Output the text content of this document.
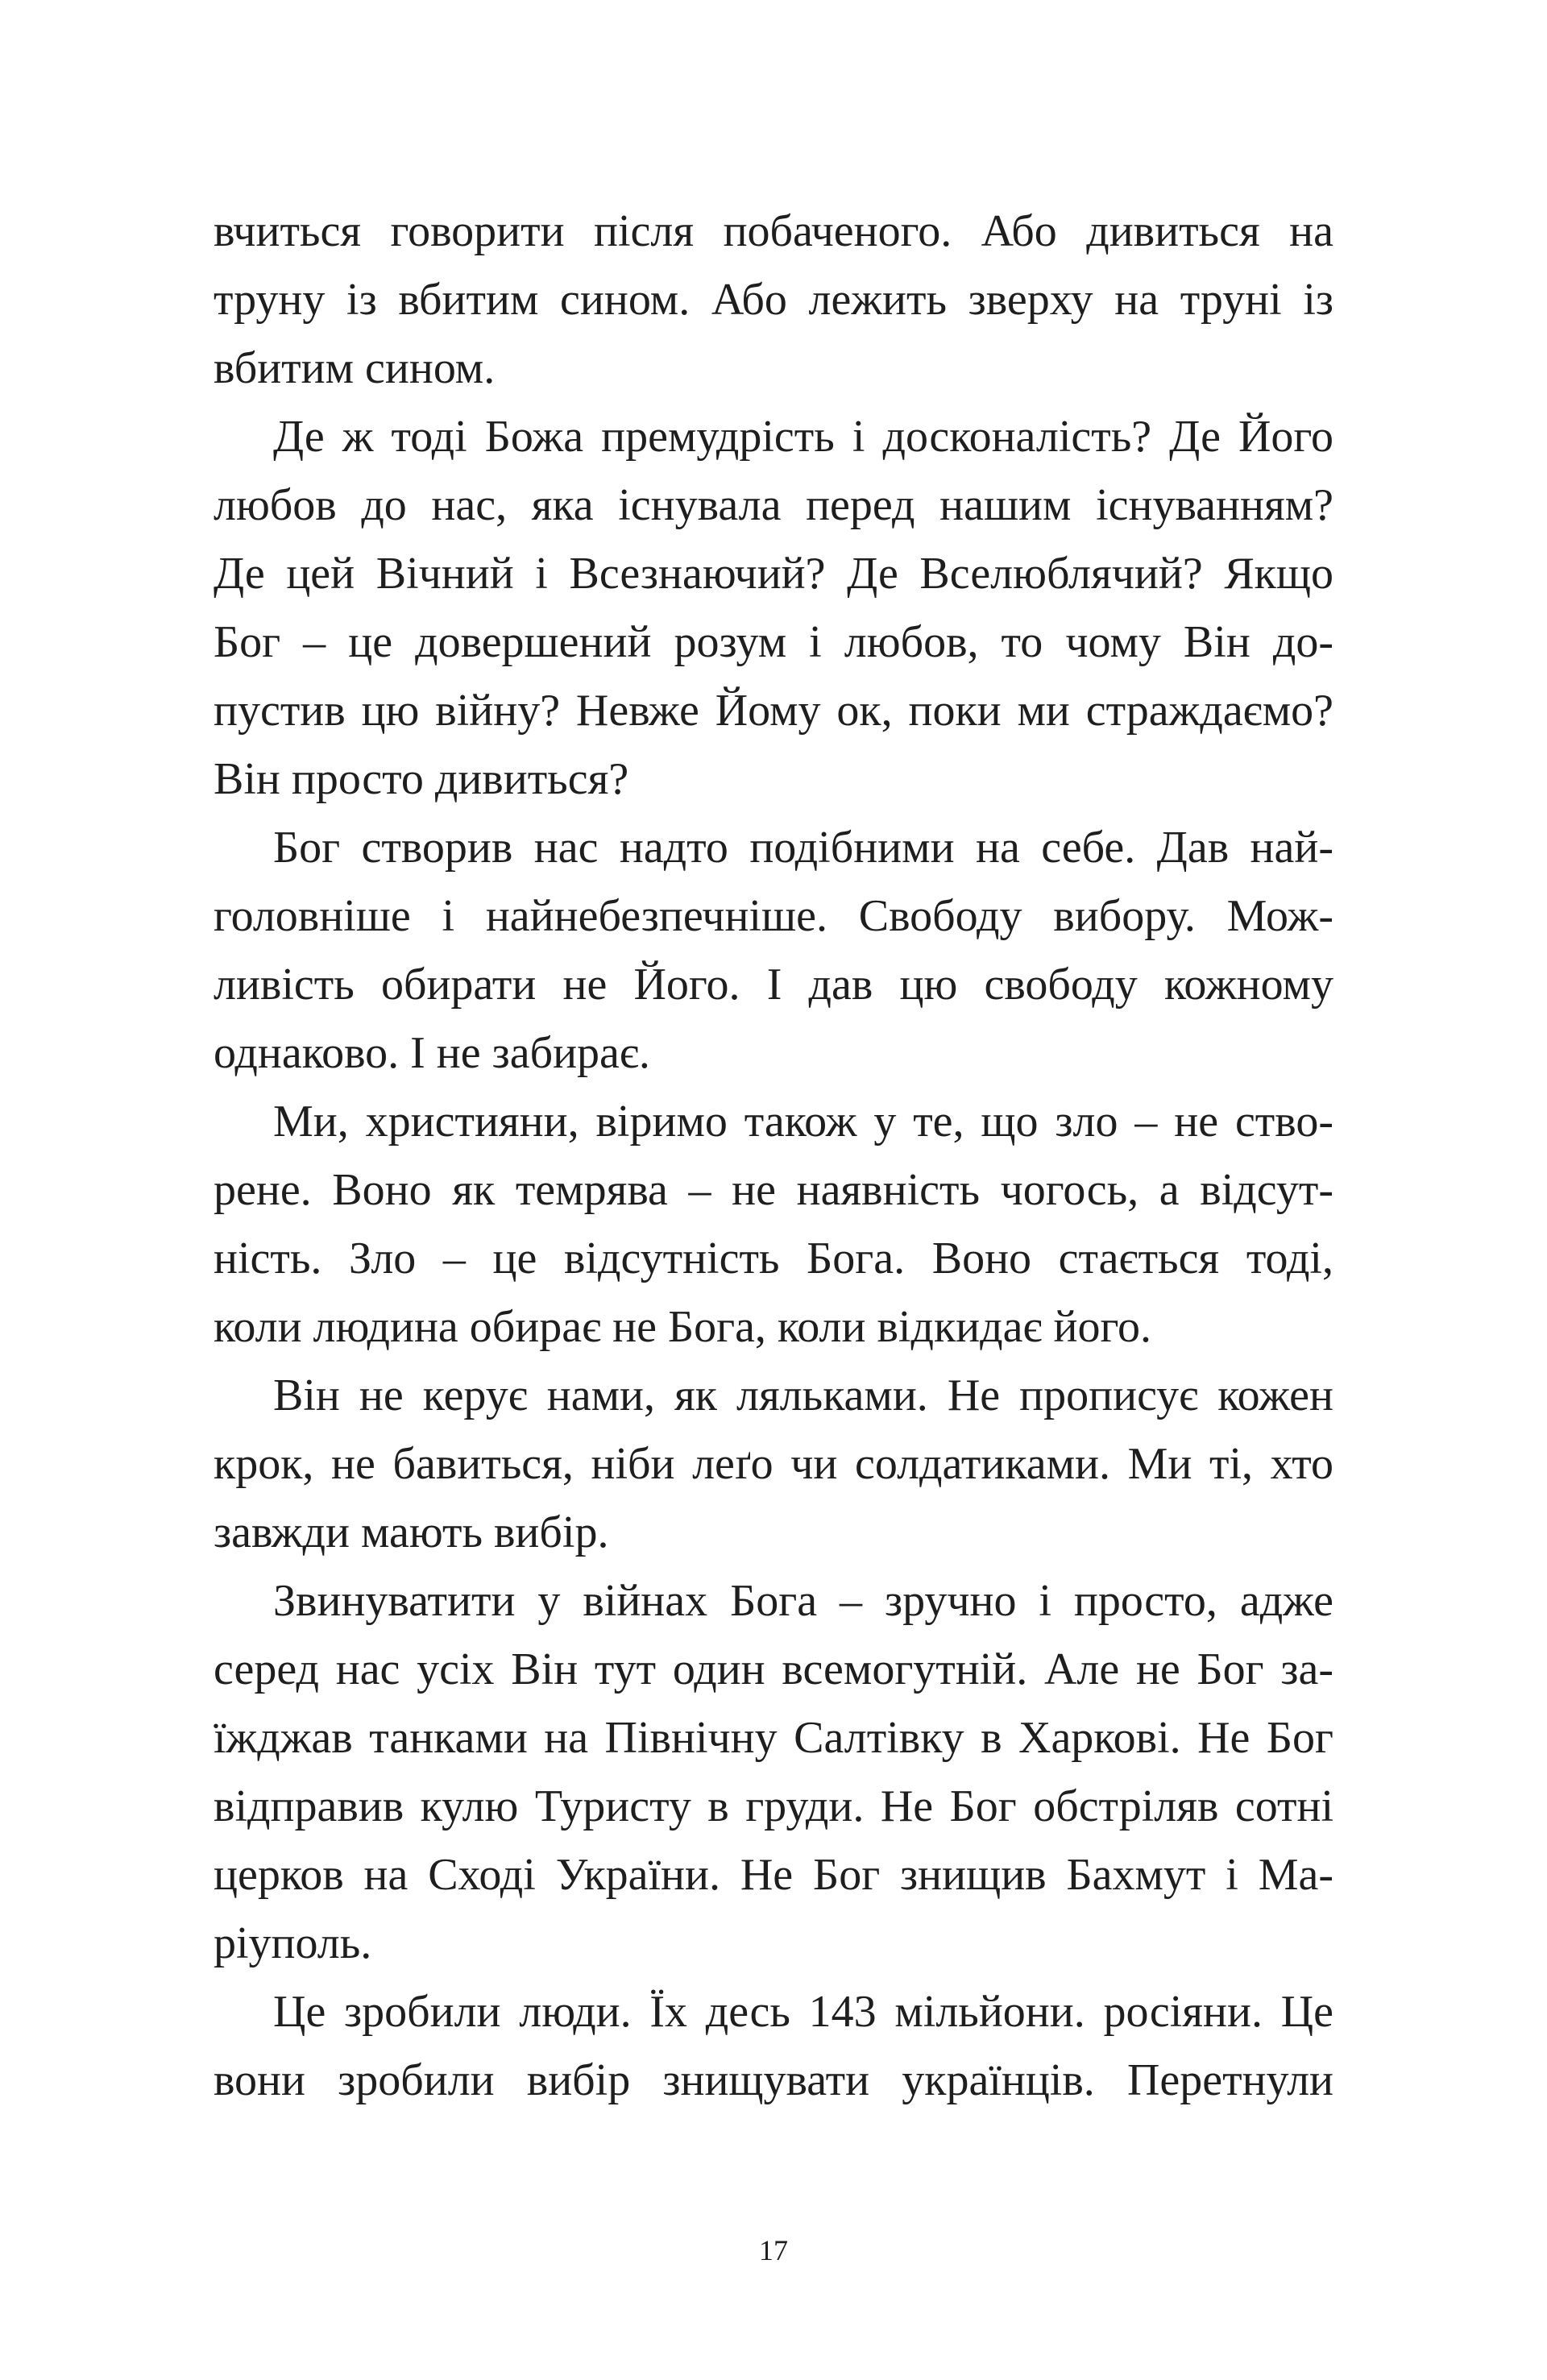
вчиться говорити після побаченого. Або дивиться на
труну із вбитим сином. Або лежить зверху на труні із
вбитим сином.
Де ж тоді Божа премудрість і досконалість? Де Його
любов до нас, яка існувала перед нашим існуванням?
Де цей Вічний і Всезнаючий? Де Вселюблячий? Якщо
Бог – це довершений розум і любов, то чому Він до-
пустив цю війну? Невже Йому ок, поки ми страждаємо?
Він просто дивиться?
Бог створив нас надто подібними на себе. Дав най-
головніше і найнебезпечніше. Свободу вибору. Мож-
ливість обирати не Його. І дав цю свободу кожному
однаково. І не забирає.
Ми, християни, віримо також у те, що зло – не ство-
рене. Воно як темрява – не наявність чогось, а відсут-
ність. Зло – це відсутність Бога. Воно стається тоді,
коли людина обирає не Бога, коли відкидає його.
Він не керує нами, як ляльками. Не прописує кожен
крок, не бавиться, ніби леґо чи солдатиками. Ми ті, хто
завжди мають вибір.
Звинуватити у війнах Бога – зручно і просто, адже
серед нас усіх Він тут один всемогутній. Але не Бог за-
їжджав танками на Північну Салтівку в Харкові. Не Бог
відправив кулю Туристу в груди. Не Бог обстріляв сотні
церков на Сході України. Не Бог знищив Бахмут і Ма-
ріуполь.
Це зробили люди. Їх десь 143 мільйони. росіяни. Це
вони зробили вибір знищувати українців. Перетнули
17
